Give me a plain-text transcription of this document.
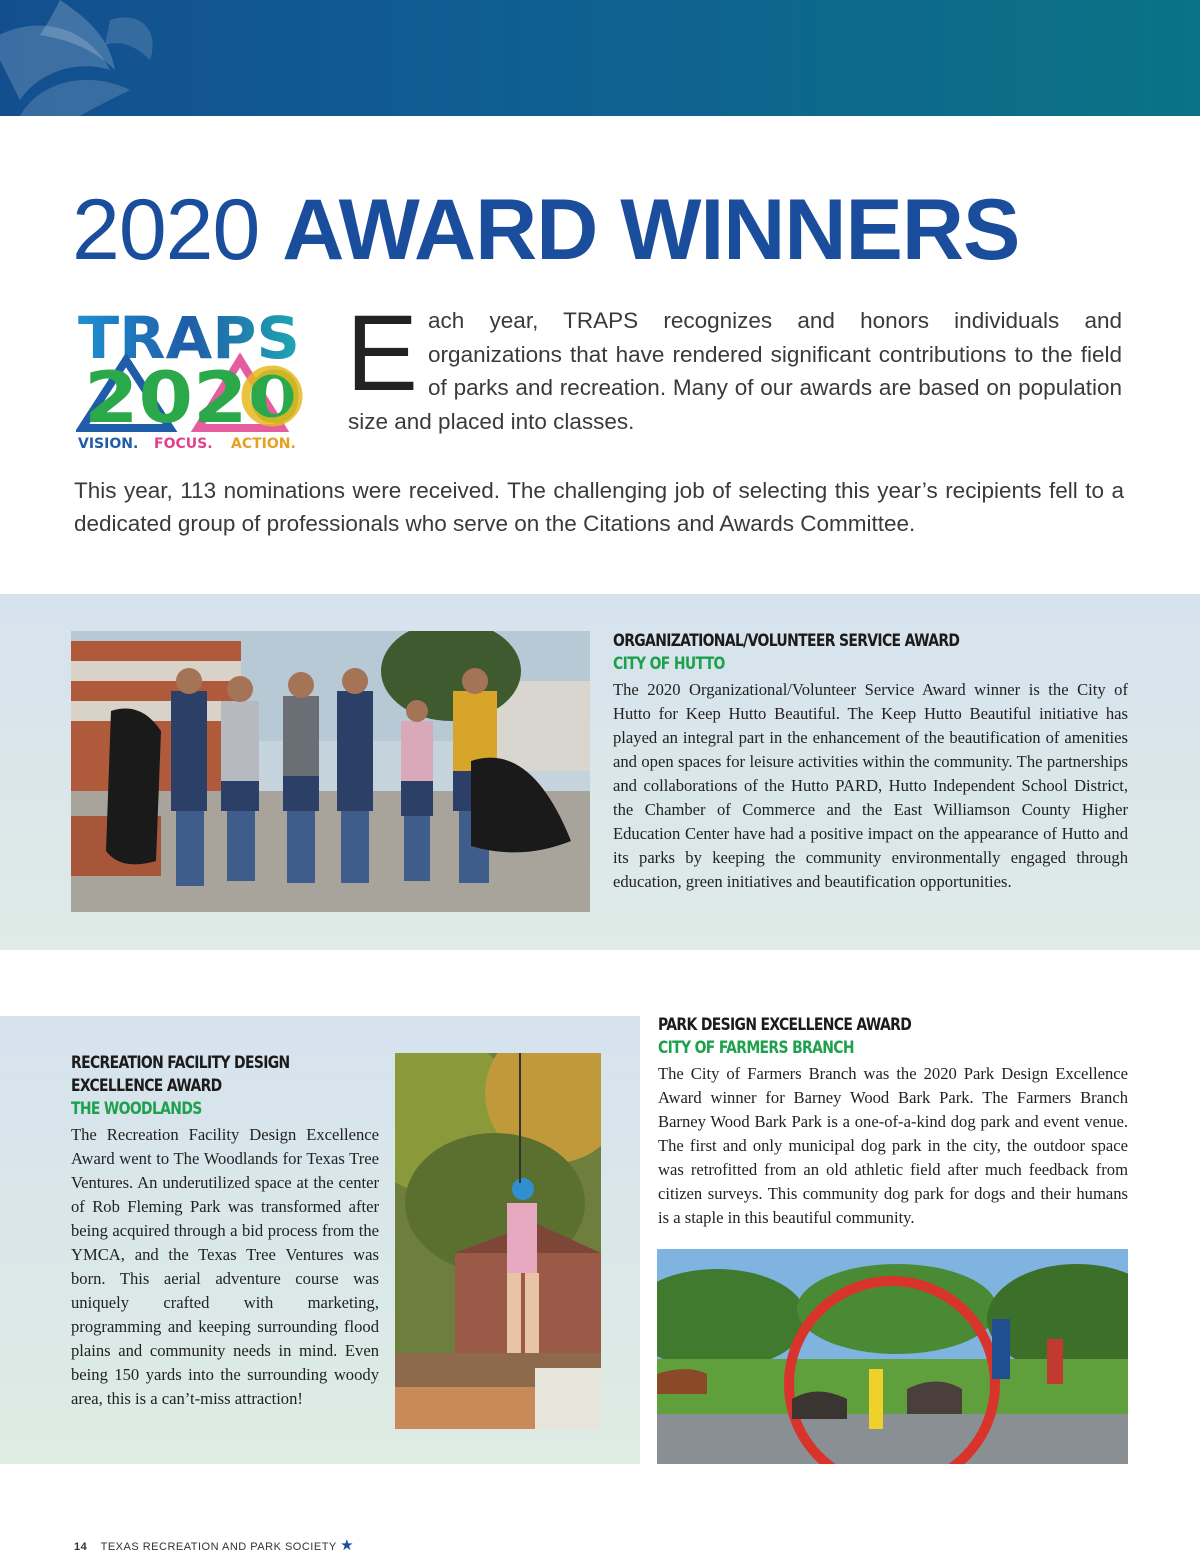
2020 AWARD WINNERS
TRAPS
2020
VISION. FOCUS. ACTION.

Each year, TRAPS recognizes and honors individuals and organizations that have rendered significant contributions to the field of parks and recreation. Many of our awards are based on population size and placed into classes.

This year, 113 nominations were received. The challenging job of selecting this year’s recipients fell to a dedicated group of professionals who serve on the Citations and Awards Committee.

ORGANIZATIONAL/VOLUNTEER SERVICE AWARD
CITY OF HUTTO

The 2020 Organizational/Volunteer Service Award winner is the City of Hutto for Keep Hutto Beautiful. The Keep Hutto Beautiful initiative has played an integral part in the enhancement of the beautification of amenities and open spaces for leisure activities within the community. The partnerships and collaborations of the Hutto PARD, Hutto Independent School District, the Chamber of Commerce and the East Williamson County Higher Education Center have had a positive impact on the appearance of Hutto and its parks by keeping the community environmentally engaged through education, green initiatives and beautification opportunities.

RECREATION FACILITY DESIGN
EXCELLENCE AWARD
THE WOODLANDS

The Recreation Facility Design Excellence Award went to The Woodlands for Texas Tree Ventures. An underutilized space at the center of Rob Fleming Park was transformed after being acquired through a bid process from the YMCA, and the Texas Tree Ventures was born. This aerial adventure course was uniquely crafted with marketing, programming and keeping surrounding flood plains and community needs in mind. Even being 150 yards into the surrounding woody area, this is a can’t-miss attraction!

PARK DESIGN EXCELLENCE AWARD
CITY OF FARMERS BRANCH

The City of Farmers Branch was the 2020 Park Design Excellence Award winner for Barney Wood Bark Park. The Farmers Branch Barney Wood Bark Park is a one-of-a-kind dog park and event venue. The first and only municipal dog park in the city, the outdoor space was retrofitted from an old athletic field after much feedback from citizen surveys. This community dog park for dogs and their humans is a staple in this beautiful community.

14 TEXAS RECREATION AND PARK SOCIETY ★
